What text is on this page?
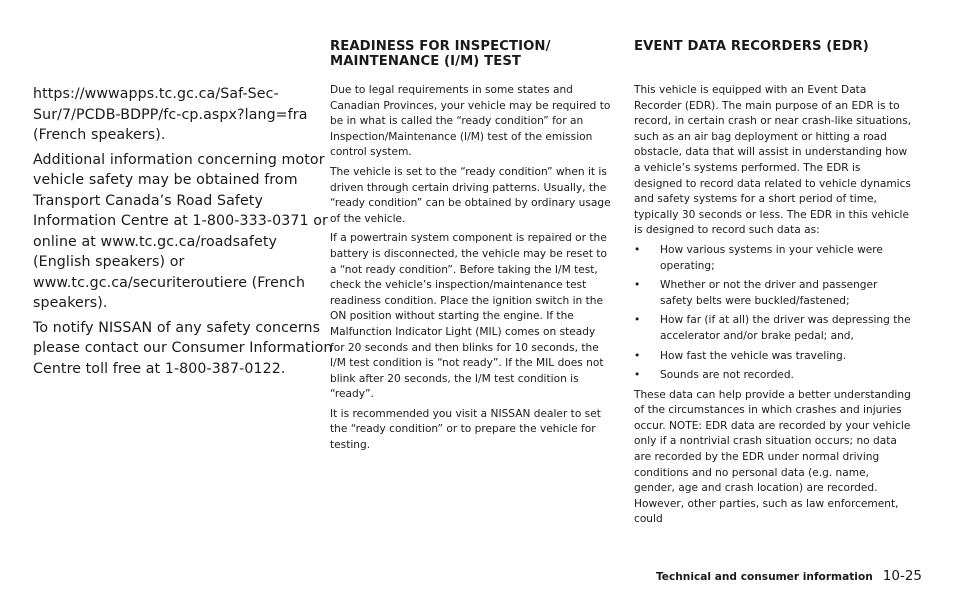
https://wwwapps.tc.gc.ca/Saf-Sec-Sur/7/PCDB-BDPP/fc-cp.aspx?lang=fra (French speakers).

Additional information concerning motor vehicle safety may be obtained from Transport Canada’s Road Safety Information Centre at 1-800-333-0371 or online at www.tc.gc.ca/roadsafety (English speakers) or www.tc.gc.ca/securiteroutiere (French speakers).

To notify NISSAN of any safety concerns please contact our Consumer Information Centre toll free at 1-800-387-0122.

READINESS FOR INSPECTION/
MAINTENANCE (I/M) TEST

Due to legal requirements in some states and Canadian Provinces, your vehicle may be required to be in what is called the “ready condition” for an Inspection/Maintenance (I/M) test of the emission control system.

The vehicle is set to the “ready condition” when it is driven through certain driving patterns. Usually, the “ready condition” can be obtained by ordinary usage of the vehicle.

If a powertrain system component is repaired or the battery is disconnected, the vehicle may be reset to a “not ready condition”. Before taking the I/M test, check the vehicle’s inspection/maintenance test readiness condition. Place the ignition switch in the ON position without starting the engine. If the Malfunction Indicator Light (MIL) comes on steady for 20 seconds and then blinks for 10 seconds, the I/M test condition is “not ready”. If the MIL does not blink after 20 seconds, the I/M test condition is “ready”.

It is recommended you visit a NISSAN dealer to set the “ready condition” or to prepare the vehicle for testing.

EVENT DATA RECORDERS (EDR)

This vehicle is equipped with an Event Data Recorder (EDR). The main purpose of an EDR is to record, in certain crash or near crash-like situations, such as an air bag deployment or hitting a road obstacle, data that will assist in understanding how a vehicle’s systems performed. The EDR is designed to record data related to vehicle dynamics and safety systems for a short period of time, typically 30 seconds or less. The EDR in this vehicle is designed to record such data as:

• How various systems in your vehicle were operating;
• Whether or not the driver and passenger safety belts were buckled/fastened;
• How far (if at all) the driver was depressing the accelerator and/or brake pedal; and,
• How fast the vehicle was traveling.
• Sounds are not recorded.

These data can help provide a better understanding of the circumstances in which crashes and injuries occur. NOTE: EDR data are recorded by your vehicle only if a nontrivial crash situation occurs; no data are recorded by the EDR under normal driving conditions and no personal data (e.g. name, gender, age and crash location) are recorded. However, other parties, such as law enforcement, could

Technical and consumer information 10-25
